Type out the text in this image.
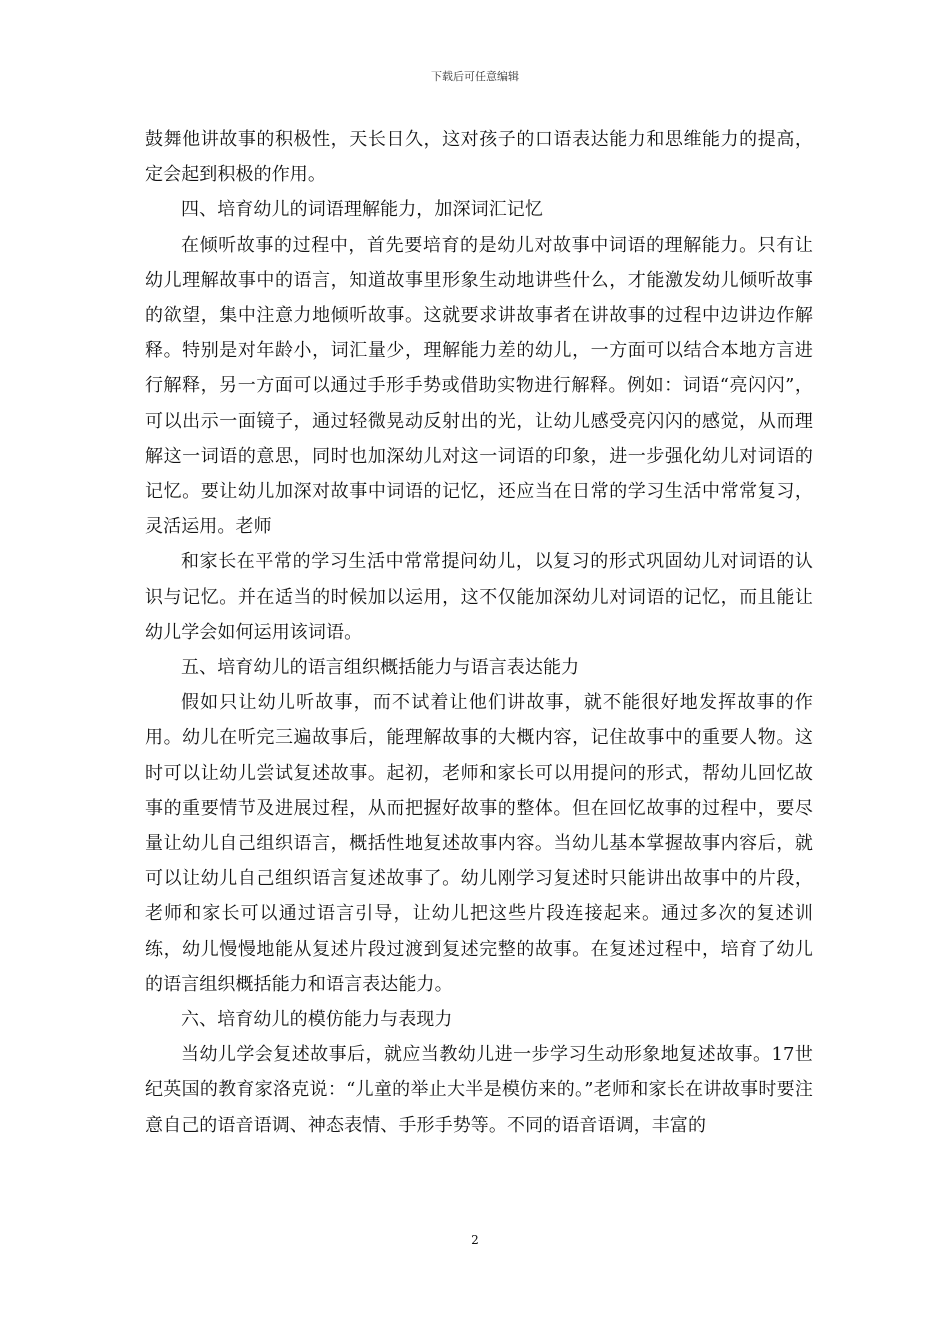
下载后可任意编辑

鼓舞他讲故事的积极性，天长日久，这对孩子的口语表达能力和思维能力的提高，定会起到积极的作用。

四、培育幼儿的词语理解能力，加深词汇记忆

在倾听故事的过程中，首先要培育的是幼儿对故事中词语的理解能力。只有让幼儿理解故事中的语言，知道故事里形象生动地讲些什么，才能激发幼儿倾听故事的欲望，集中注意力地倾听故事。这就要求讲故事者在讲故事的过程中边讲边作解释。特别是对年龄小，词汇量少，理解能力差的幼儿，一方面可以结合本地方言进行解释，另一方面可以通过手形手势或借助实物进行解释。例如：词语“亮闪闪”，可以出示一面镜子，通过轻微晃动反射出的光，让幼儿感受亮闪闪的感觉，从而理解这一词语的意思，同时也加深幼儿对这一词语的印象，进一步强化幼儿对词语的记忆。要让幼儿加深对故事中词语的记忆，还应当在日常的学习生活中常常复习，灵活运用。老师

和家长在平常的学习生活中常常提问幼儿，以复习的形式巩固幼儿对词语的认识与记忆。并在适当的时候加以运用，这不仅能加深幼儿对词语的记忆，而且能让幼儿学会如何运用该词语。

五、培育幼儿的语言组织概括能力与语言表达能力

假如只让幼儿听故事，而不试着让他们讲故事，就不能很好地发挥故事的作用。幼儿在听完三遍故事后，能理解故事的大概内容，记住故事中的重要人物。这时可以让幼儿尝试复述故事。起初，老师和家长可以用提问的形式，帮幼儿回忆故事的重要情节及进展过程，从而把握好故事的整体。但在回忆故事的过程中，要尽量让幼儿自己组织语言，概括性地复述故事内容。当幼儿基本掌握故事内容后，就可以让幼儿自己组织语言复述故事了。幼儿刚学习复述时只能讲出故事中的片段，老师和家长可以通过语言引导，让幼儿把这些片段连接起来。通过多次的复述训练，幼儿慢慢地能从复述片段过渡到复述完整的故事。在复述过程中，培育了幼儿的语言组织概括能力和语言表达能力。

六、培育幼儿的模仿能力与表现力

当幼儿学会复述故事后，就应当教幼儿进一步学习生动形象地复述故事。17世纪英国的教育家洛克说：“儿童的举止大半是模仿来的。”老师和家长在讲故事时要注意自己的语音语调、神态表情、手形手势等。不同的语音语调，丰富的

2
